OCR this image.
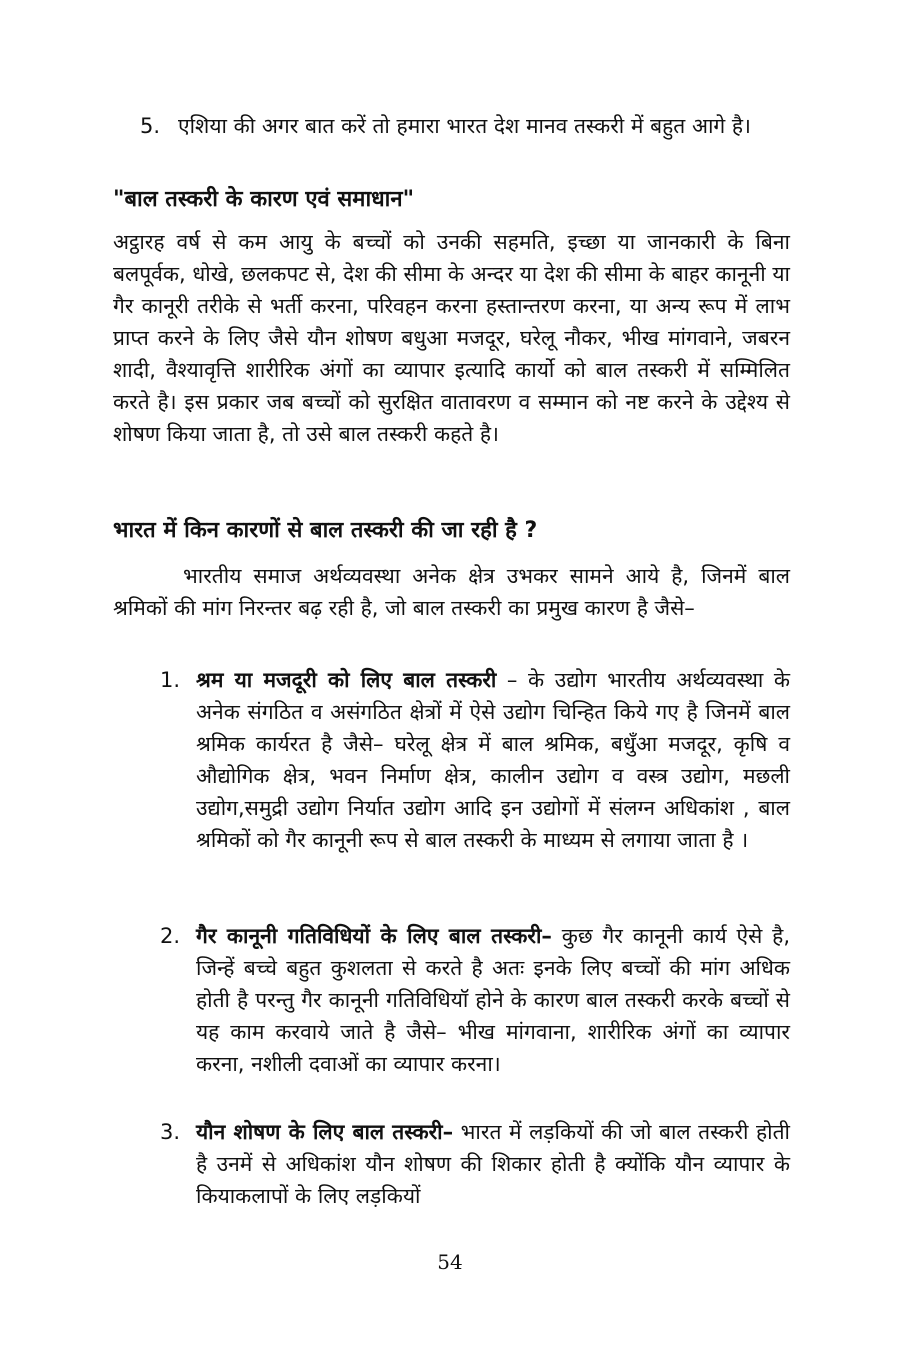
5. एशिया की अगर बात करें तो हमारा भारत देश मानव तस्करी में बहुत आगे है।
"बाल तस्करी के कारण एवं समाधान"
अट्ठारह वर्ष से कम आयु के बच्चों को उनकी सहमति, इच्छा या जानकारी के बिना बलपूर्वक, धोखे, छलकपट से, देश की सीमा के अन्दर या देश की सीमा के बाहर कानूनी या गैर कानूरी तरीके से भर्ती करना, परिवहन करना हस्तान्तरण करना, या अन्य रूप में लाभ प्राप्त करने के लिए जैसे यौन शोषण बधुआ मजदूर, घरेलू नौकर, भीख मांगवाने, जबरन शादी, वैश्यावृत्ति शारीरिक अंगों का व्यापार इत्यादि कार्यो को बाल तस्करी में सम्मिलित करते है। इस प्रकार जब बच्चों को सुरक्षित वातावरण व सम्मान को नष्ट करने के उद्देश्य से शोषण किया जाता है, तो उसे बाल तस्करी कहते है।
भारत में किन कारणों से बाल तस्करी की जा रही है ?
भारतीय समाज अर्थव्यवस्था अनेक क्षेत्र उभकर सामने आये है, जिनमें बाल श्रमिकों की मांग निरन्तर बढ़ रही है, जो बाल तस्करी का प्रमुख कारण है जैसे–
1. श्रम या मजदूरी को लिए बाल तस्करी – के उद्योग भारतीय अर्थव्यवस्था के अनेक संगठित व असंगठित क्षेत्रों में ऐसे उद्योग चिन्हित किये गए है जिनमें बाल श्रमिक कार्यरत है जैसे– घरेलू क्षेत्र में बाल श्रमिक, बधुँआ मजदूर, कृषि व औद्योगिक क्षेत्र, भवन निर्माण क्षेत्र, कालीन उद्योग व वस्त्र उद्योग, मछली उद्योग,समुद्री उद्योग निर्यात उद्योग आदि इन उद्योगों में संलग्न अधिकांश , बाल श्रमिकों को गैर कानूनी रूप से बाल तस्करी के माध्यम से लगाया जाता है ।
2. गैर कानूनी गतिविधियों के लिए बाल तस्करी– कुछ गैर कानूनी कार्य ऐसे है, जिन्हें बच्चे बहुत कुशलता से करते है अतः इनके लिए बच्चों की मांग अधिक होती है परन्तु गैर कानूनी गतिविधियॉ होने के कारण बाल तस्करी करके बच्चों से यह काम करवाये जाते है जैसे– भीख मांगवाना, शारीरिक अंगों का व्यापार करना, नशीली दवाओं का व्यापार करना।
3. यौन शोषण के लिए बाल तस्करी– भारत में लड़कियों की जो बाल तस्करी होती है उनमें से अधिकांश यौन शोषण की शिकार होती है क्योंकि यौन व्यापार के कियाकलापों के लिए लड़कियों
54
